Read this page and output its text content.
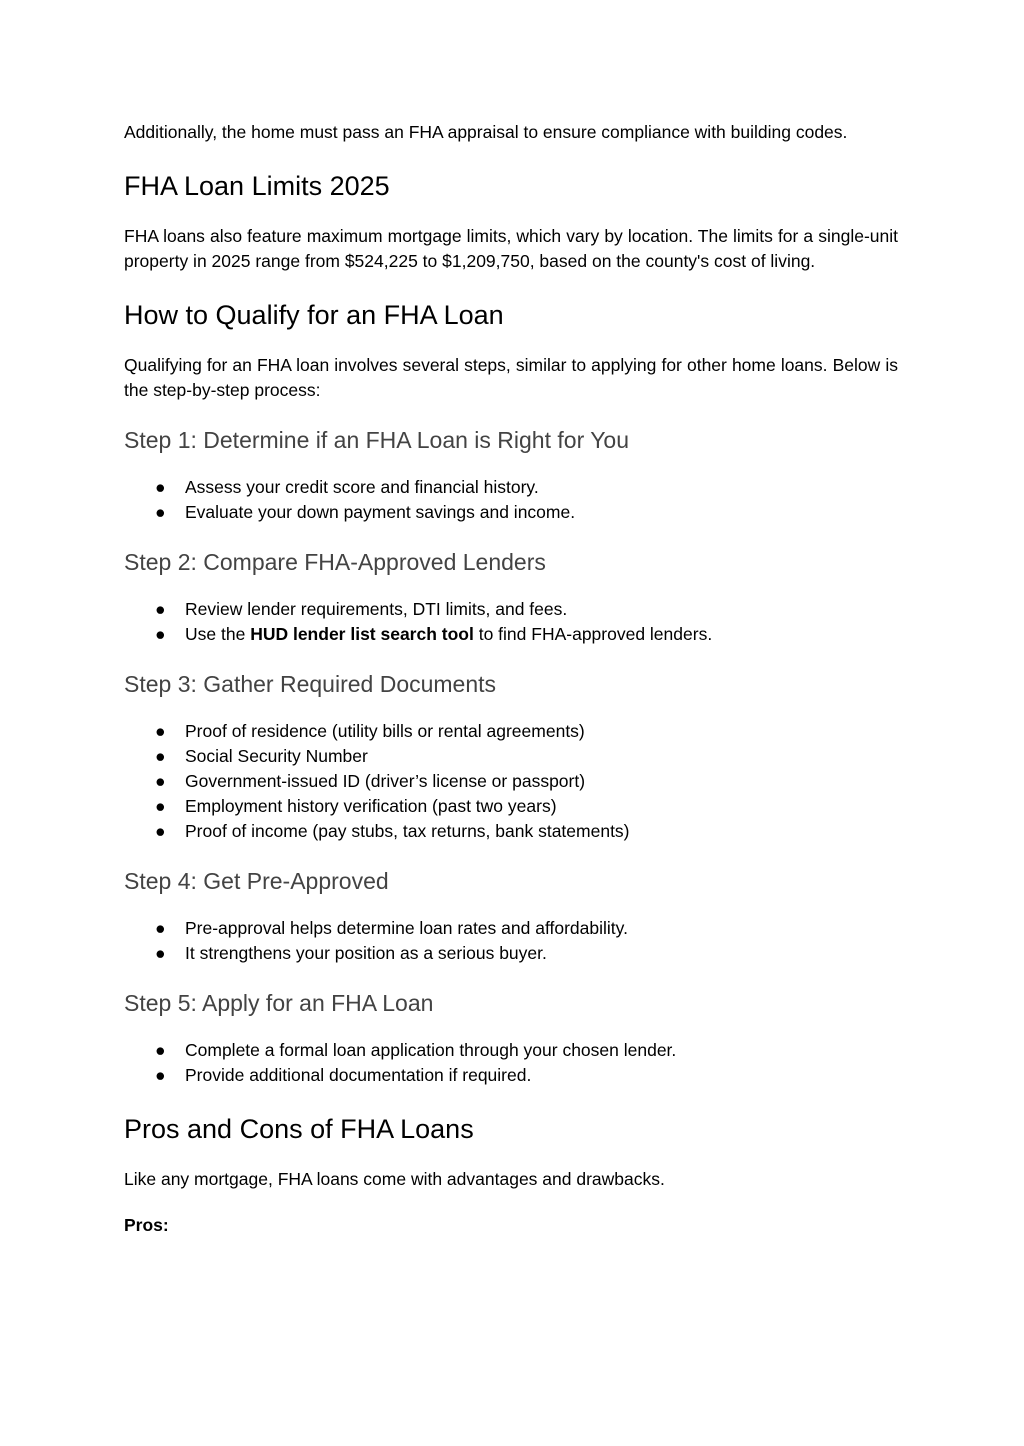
Additionally, the home must pass an FHA appraisal to ensure compliance with building codes.

FHA Loan Limits 2025

FHA loans also feature maximum mortgage limits, which vary by location. The limits for a single-unit property in 2025 range from $524,225 to $1,209,750, based on the county's cost of living.

How to Qualify for an FHA Loan

Qualifying for an FHA loan involves several steps, similar to applying for other home loans. Below is the step-by-step process:

Step 1: Determine if an FHA Loan is Right for You
● Assess your credit score and financial history.
● Evaluate your down payment savings and income.
Step 2: Compare FHA-Approved Lenders
● Review lender requirements, DTI limits, and fees.
● Use the HUD lender list search tool to find FHA-approved lenders.
Step 3: Gather Required Documents
● Proof of residence (utility bills or rental agreements)
● Social Security Number
● Government-issued ID (driver’s license or passport)
● Employment history verification (past two years)
● Proof of income (pay stubs, tax returns, bank statements)
Step 4: Get Pre-Approved
● Pre-approval helps determine loan rates and affordability.
● It strengthens your position as a serious buyer.
Step 5: Apply for an FHA Loan
● Complete a formal loan application through your chosen lender.
● Provide additional documentation if required.
Pros and Cons of FHA Loans

Like any mortgage, FHA loans come with advantages and drawbacks.

Pros:
